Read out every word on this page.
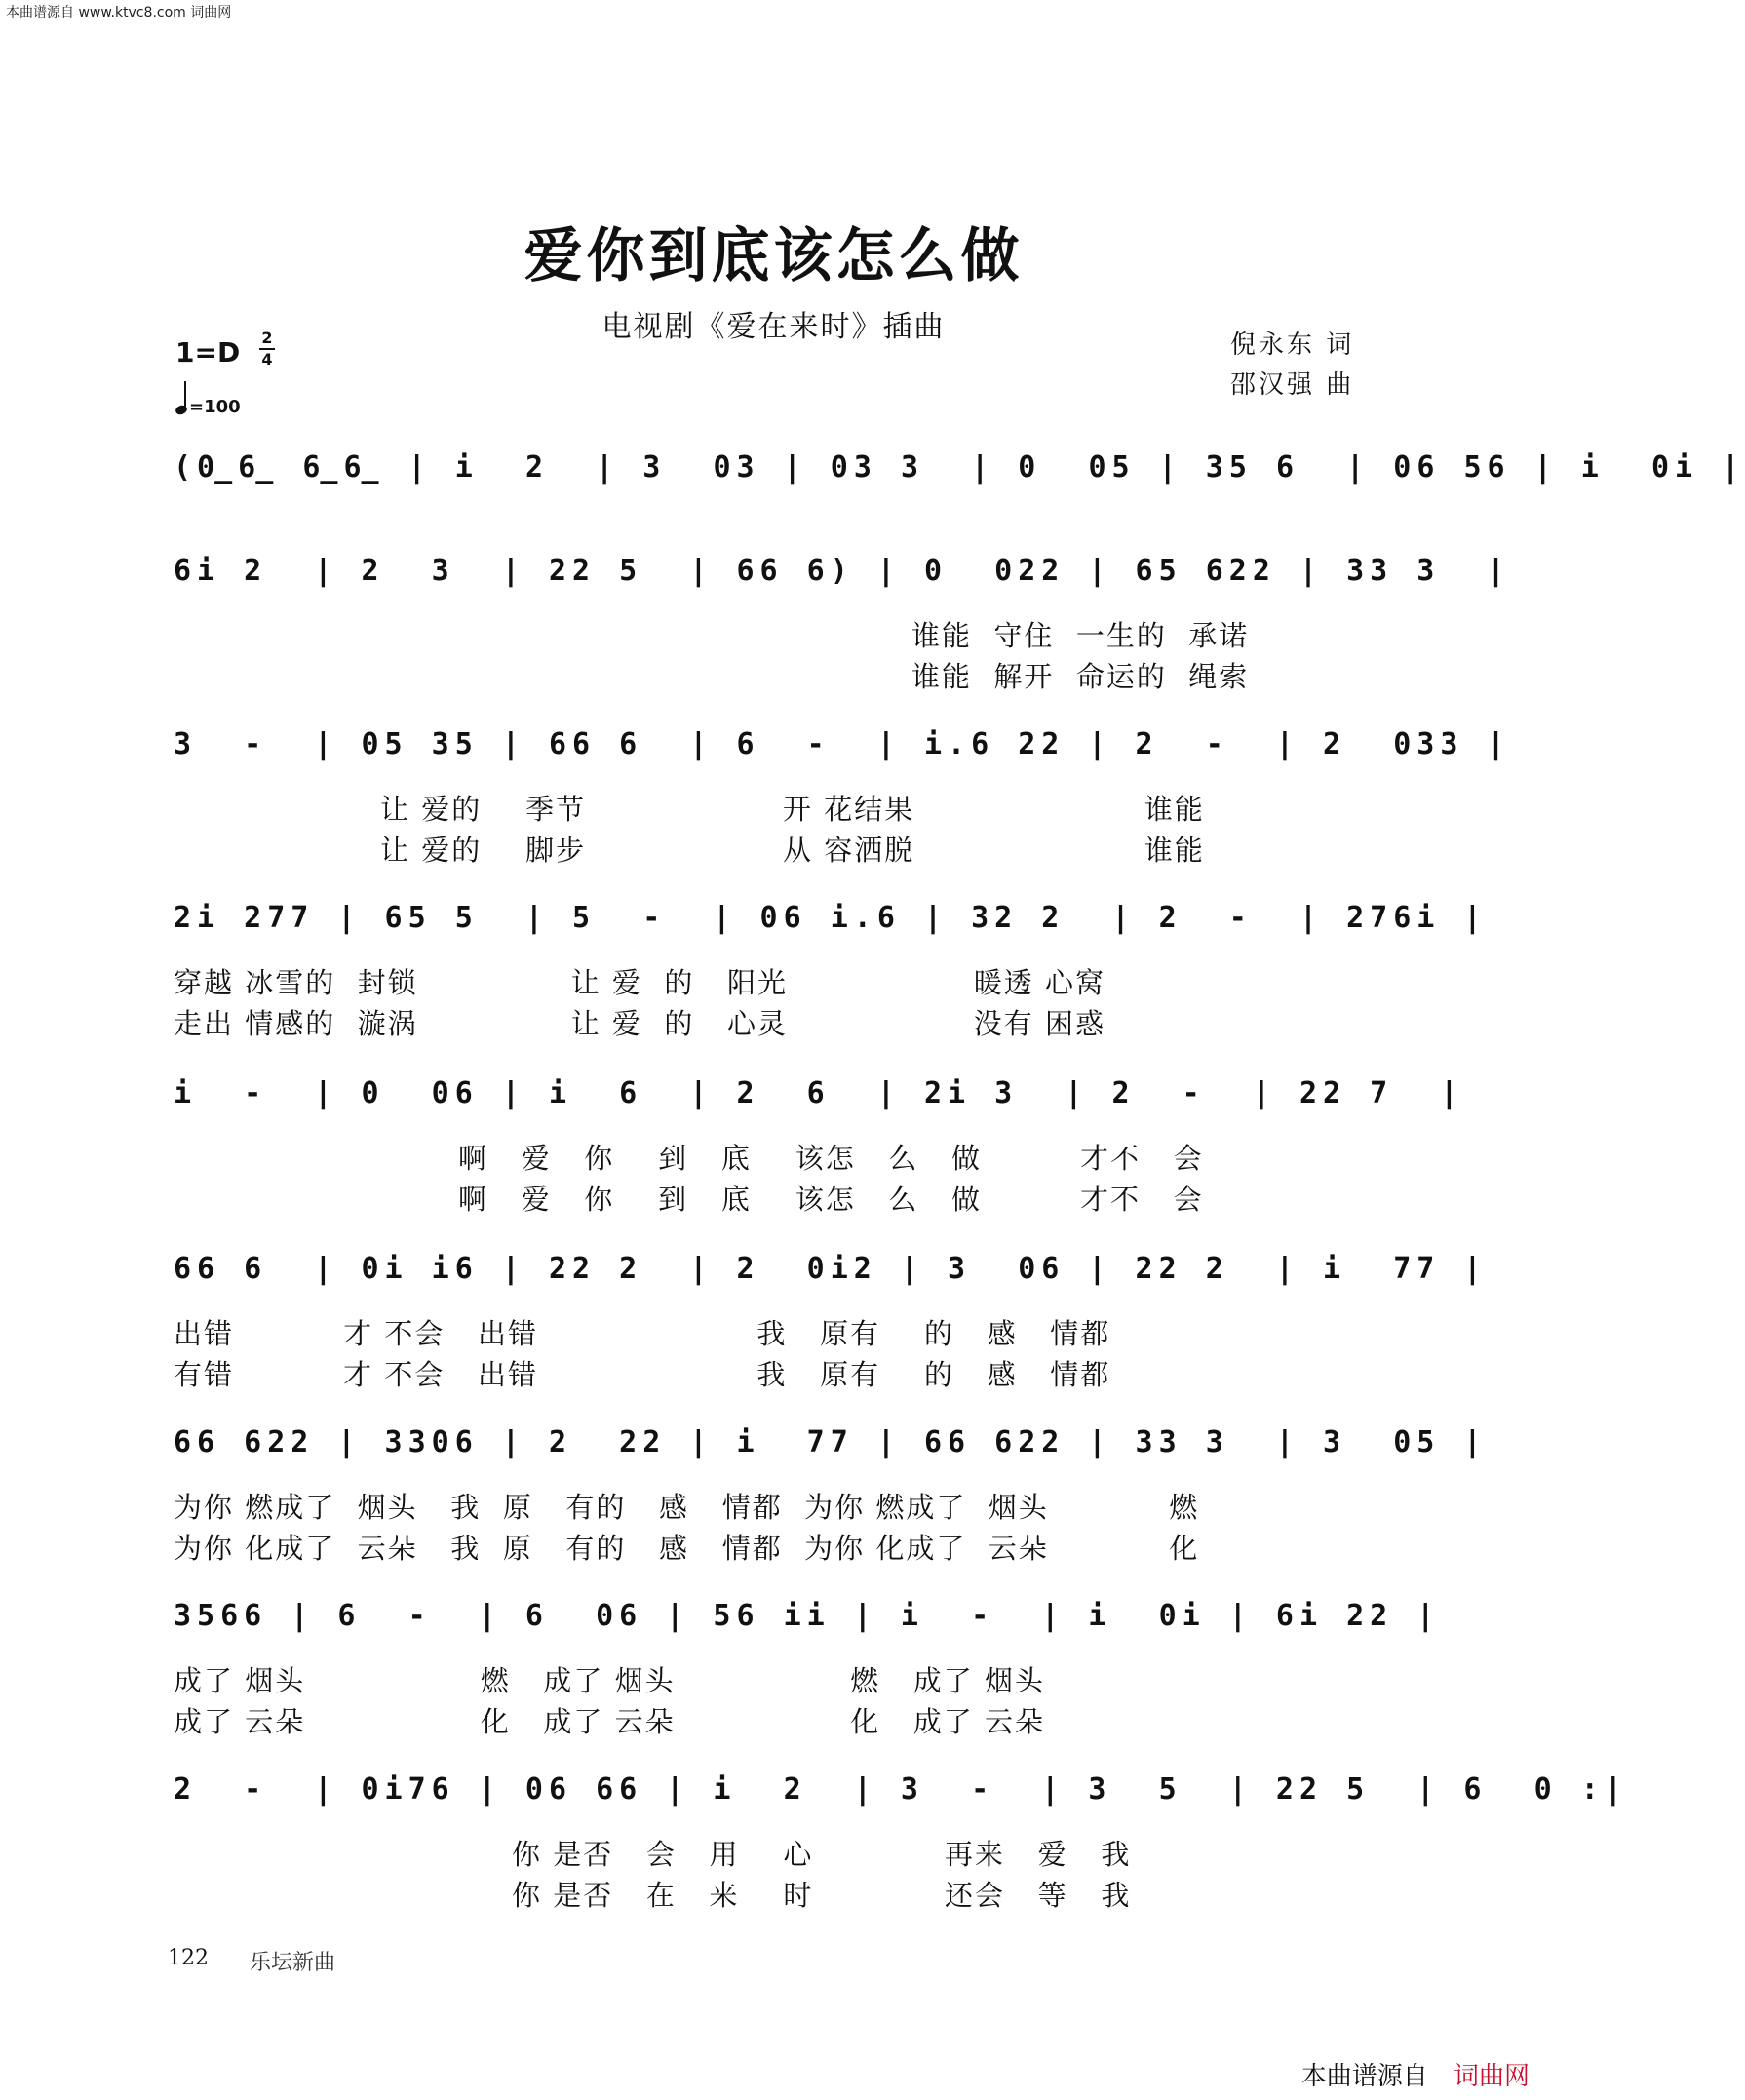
本曲谱源自 www.ktvc8.com 词曲网
爱你到底该怎么做
电视剧《爱在来时》插曲
倪永东 词
邵汉强 曲
1=D 2
4
=100
(0̲6̲ 6̲6̲ | i  2  | 3  03 | 03 3  | 0  05 | 35 6  | 06 56 | i  0i |
6i 2  | 2  3  | 22 5  | 66 6) | 0  022 | 65 622 | 33 3  |
谁能  守住  一生的  承诺
谁能  解开  命运的  绳索
3  -  | 05 35 | 66 6  | 6  -  | i.6 22 | 2  -  | 2  033 |
让 爱的    季节                  开 花结果                     谁能
让 爱的    脚步                  从 容洒脱                     谁能
2i 277 | 65 5  | 5  -  | 06 i.6 | 32 2  | 2  -  | 276i |
穿越 冰雪的  封锁              让 爱  的   阳光                 暖透 心窝
走出 情感的  漩涡              让 爱  的   心灵                 没有 困惑
i  -  | 0  06 | i  6  | 2  6  | 2i 3  | 2  -  | 22 7  |
啊   爱   你    到   底    该怎   么   做         才不   会
啊   爱   你    到   底    该怎   么   做         才不   会
66 6  | 0i i6 | 22 2  | 2  0i2 | 3  06 | 22 2  | i  77 |
出错          才 不会   出错                    我   原有    的   感   情都
有错          才 不会   出错                    我   原有    的   感   情都
66 622 | 3306 | 2  22 | i  77 | 66 622 | 33 3  | 3  05 |
为你 燃成了  烟头   我  原   有的   感   情都  为你 燃成了  烟头           燃
为你 化成了  云朵   我  原   有的   感   情都  为你 化成了  云朵           化
3566 | 6  -  | 6  06 | 56 ii | i  -  | i  0i | 6i 22 |
成了 烟头                燃   成了 烟头                燃   成了 烟头
成了 云朵                化   成了 云朵                化   成了 云朵
2  -  | 0i76 | 06 66 | i  2  | 3  -  | 3  5  | 22 5  | 6  0 :|
你 是否   会   用    心            再来   爱   我
你 是否   在   来    时            还会   等   我
122 乐坛新曲
本曲谱源自 词曲网
